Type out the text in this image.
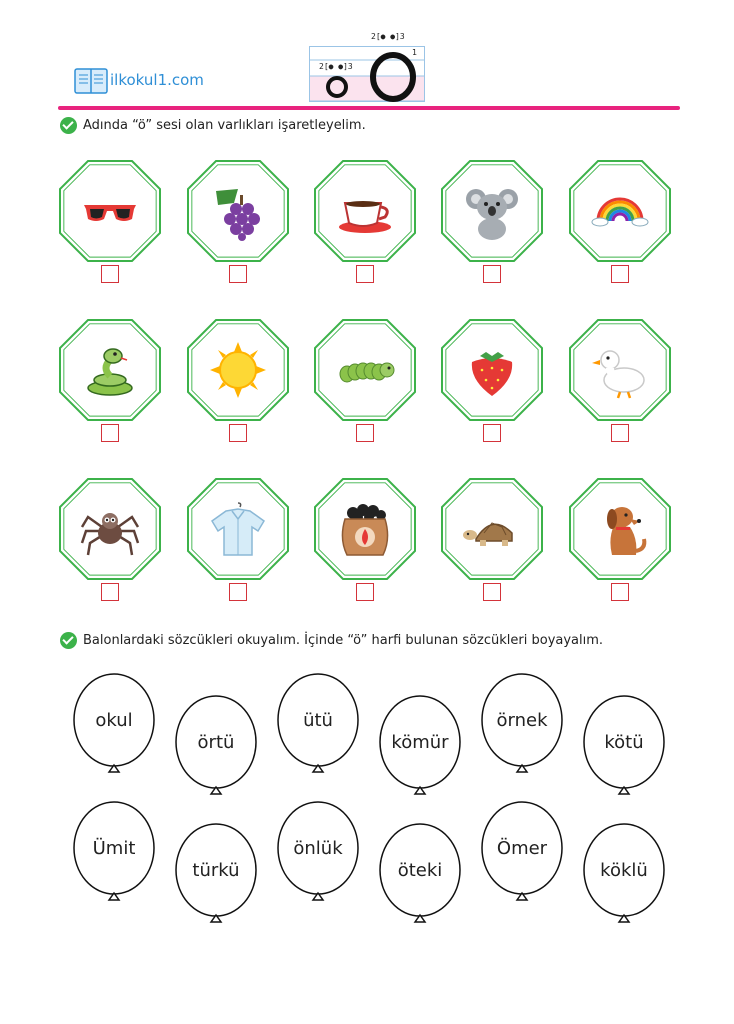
ilkokul1.com
2[● ●]3
2[● ●]3
1
Adında “ö” sesi olan varlıkları işaretleyelim.
Balonlardaki sözcükleri okuyalım. İçinde “ö” harfi bulunan sözcükleri boyayalım.
okul
örtü
ütü
kömür
örnek
kötü
Ümit
türkü
önlük
öteki
Ömer
köklü
